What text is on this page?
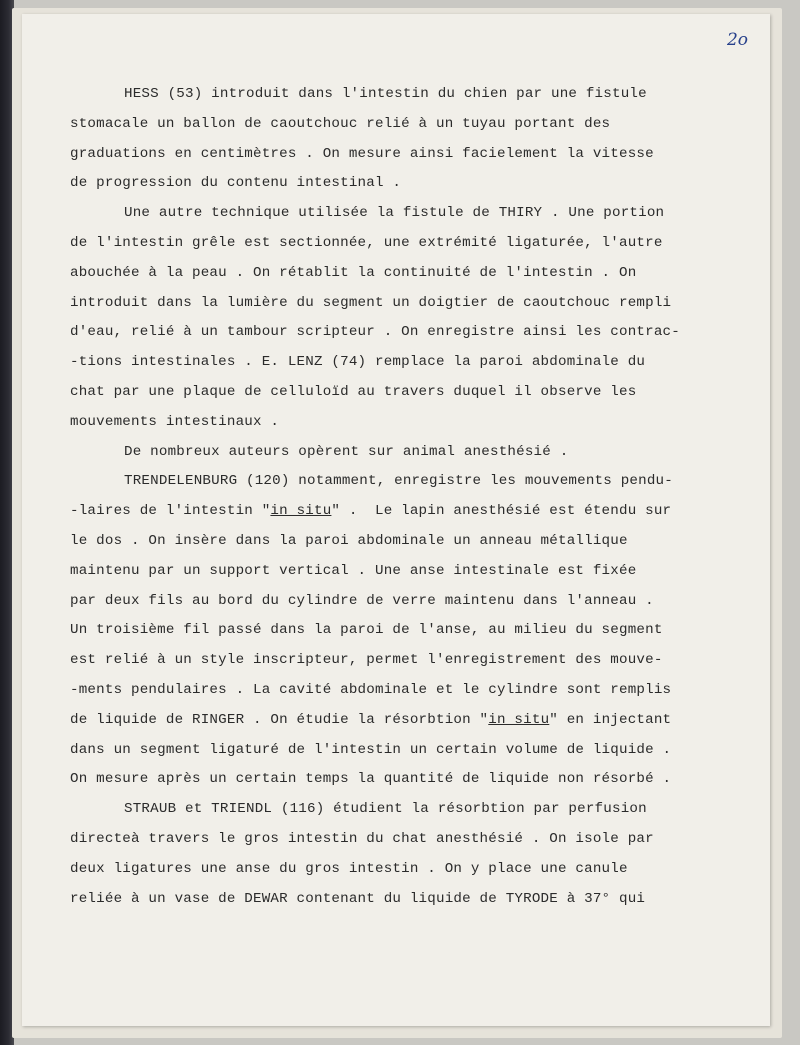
2o
HESS (53) introduit dans l'intestin du chien par une fistule
stomacale un ballon de caoutchouc relié à un tuyau portant des
graduations en centimètres . On mesure ainsi facielement la vitesse
de progression du contenu intestinal .
Une autre technique utilisée la fistule de THIRY . Une portion
de l'intestin grêle est sectionnée, une extrémité ligaturée, l'autre
abouchée à la peau . On rétablit la continuité de l'intestin . On
introduit dans la lumière du segment un doigtier de caoutchouc rempli
d'eau, relié à un tambour scripteur . On enregistre ainsi les contrac-
-tions intestinales . E. LENZ (74) remplace la paroi abdominale du
chat par une plaque de celluloïd au travers duquel il observe les
mouvements intestinaux .
De nombreux auteurs opèrent sur animal anesthésié .
TRENDELENBURG (120) notamment, enregistre les mouvements pendu-
-laires de l'intestin "in situ" .  Le lapin anesthésié est étendu sur
le dos . On insère dans la paroi abdominale un anneau métallique
maintenu par un support vertical . Une anse intestinale est fixée
par deux fils au bord du cylindre de verre maintenu dans l'anneau .
Un troisième fil passé dans la paroi de l'anse, au milieu du segment
est relié à un style inscripteur, permet l'enregistrement des mouve-
-ments pendulaires . La cavité abdominale et le cylindre sont remplis
de liquide de RINGER . On étudie la résorbtion "in situ" en injectant
dans un segment ligaturé de l'intestin un certain volume de liquide .
On mesure après un certain temps la quantité de liquide non résorbé .
STRAUB et TRIENDL (116) étudient la résorbtion par perfusion
directeà travers le gros intestin du chat anesthésié . On isole par
deux ligatures une anse du gros intestin . On y place une canule
reliée à un vase de DEWAR contenant du liquide de TYRODE à 37° qui
